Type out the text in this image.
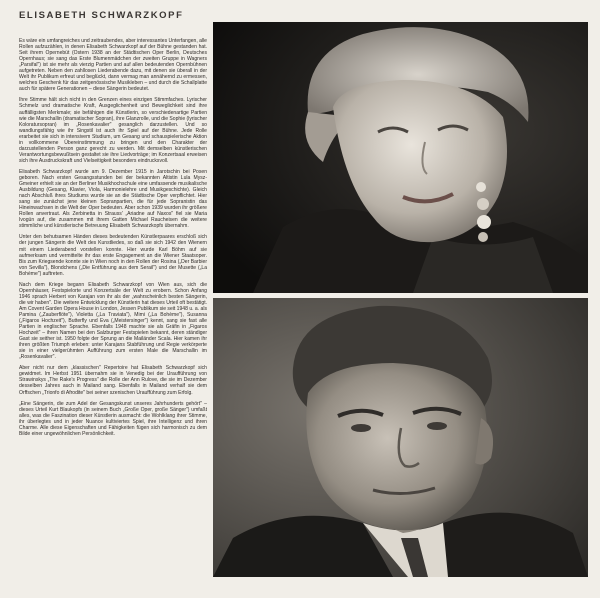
ELISABETH SCHWARZKOPF

Es wäre ein umfangreiches und zeitraubendes, aber interessantes Unterfangen, alle Rollen aufzuzählen, in denen Elisabeth Schwarzkopf auf der Bühne gestanden hat. Seit ihrem Opernebüt (Ostern 1938 an der Städtischen Oper Berlin, Deutsches Opernhaus; sie sang das Erste Blumenmädchen der zweiten Gruppe in Wagners „Parsifal") ist sie mehr als vierzig Partien und auf allen bedeutenden Opernbühnen aufgetreten. Neben den zahllosen Liederabende dazu, mit denen sie überall in der Welt ihr Publikum erfreut und beglückt, dann vermag man annähernd zu ermessen, welches Geschenk für das zeitgenössische Musikleben – und durch die Schallplatte auch für spätere Generationen – diese Sängerin bedeutet.

Ihre Stimme hält sich nicht in den Grenzen eines einzigen Stimmfaches. Lyrischer Schmelz und dramatische Kraft, Ausgeglichenheit und Beweglichkeit sind ihre auffälligsten Merkmale; sie befähigen die Künstlerin, so verschiedenartige Partien wie die Marschallin (dramatischer Sopran), ihre Glanzrolle, und die Sophie (lyrischer Koloratursopran) im „Rosenkavalier" gesanglich darzustellen. Und so wandlungsfähig wie ihr Singstil ist auch ihr Spiel auf der Bühne. Jede Rolle erarbeitet sie sich in intensivem Studium, um Gesang und schauspielerische Aktion in vollkommene Übereinstimmung zu bringen und den Charakter der darzustellenden Person ganz gerecht zu werden. Mit demselben künstlerischen Verantwortungsbewußtsein gestaltet sie ihre Liedvorträge; im Konzertsaal erweisen sich ihre Ausdruckskraft und Vielseitigkeit besonders eindrucksvoll.

Elisabeth Schwarzkopf wurde am 9. Dezember 1915 in Jarotschin bei Posen geboren. Nach ersten Gesangsstunden bei der bekannten Altistin Lula Mysz-Gmeiner erhielt sie an der Berliner Musikhochschule eine umfassende musikalische Ausbildung (Gesang, Klavier, Viola, Harmonielehre und Musikgeschichte). Gleich nach Abschluß ihres Studiums wurde sie an die Städtische Oper verpflichtet. Hier sang sie zunächst jene kleinen Sopranpartien, die für jede Sopranistin das Hineinwachsen in die Welt der Oper bedeuten. Aber schon 1939 wurden ihr größere Rollen anvertraut. Als Zerbinetta in Strauss' „Ariadne auf Naxos" fiel sie Maria Ivogün auf, die zusammen mit ihrem Gatten Michael Raucheisen die weitere stimmliche und künstlerische Betreuung Elisabeth Schwarzkopfs übernahm.

Unter den behutsamen Händen dieses bedeutenden Künstlerpaares erschloß sich der jungen Sängerin die Welt des Kunstliedes, so daß sie sich 1942 den Wienern mit einem Liederabend vorstellen konnte. Hier wurde Karl Böhm auf sie aufmerksam und vermittelte ihr das erste Engagement an die Wiener Staatsoper. Bis zum Kriegsende konnte sie in Wien noch in den Rollen der Rosina („Der Barbier von Sevilla"), Blondchens („Die Entführung aus dem Serail") und der Musette („La Bohème") auftreten.

Nach dem Kriege begann Elisabeth Schwarzkopf von Wien aus, sich die Opernhäuser, Festspielorte und Konzertsäle der Welt zu erobern. Schon Anfang 1946 sprach Herbert von Karajan von ihr als der „wahrscheinlich besten Sängerin, die wir haben". Die weitere Entwicklung der Künstlerin hat dieses Urteil oft bestätigt. Am Covent Garden Opera House in London, Jessen Publikum sie seit 1948 u. a. als Pamina („Zauberflöte"), Violetta („La Traviata"), Mimi („La Bohème"), Susanna („Figaros Hochzeit"), Butterfly und Eva („Meistersinger") kennt, sang sie fast alle Partien in englischer Sprache. Ebenfalls 1948 machte sie als Gräfin in „Figaros Hochzeit" – ihren Namen bei den Salzburger Festspielen bekannt, deren ständiger Gast sie seither ist. 1950 folgte der Sprung an die Mailänder Scala. Hier kamen ihr ihren größten Triumph erleben: unter Karajans Stabführung und Regie verkörperte sie in einer vielgerühmten Aufführung zum ersten Male die Marschallin im „Rosenkavalier".

Aber nicht nur dem „klassischen" Repertoire hat Elisabeth Schwarzkopf sich gewidmet. Im Herbst 1951 übernahm sie in Venedig bei der Uraufführung von Strawinskys „The Rake's Progress" die Rolle der Ann Rulove, die sie im Dezember desselben Jahres auch in Mailand sang. Ebenfalls in Mailand verhalf sie dem Orffschen „Trionfo di Afrodite" bei seiner szenischen Uraufführung zum Erfolg.

„Eine Sängerin, die zum Adel der Gesangskunst unseres Jahrhunderts gehört" – dieses Urteil Kurt Blaukopfs (in seinem Buch „Große Oper, große Sänger") umfaßt alles, was die Faszination dieser Künstlerin ausmacht: die Wohlklang ihrer Stimme, ihr überlegtes und in jeder Nuance kultiviertes Spiel, ihre Intelligenz und ihren Charme. Alle diese Eigenschaften und Fähigkeiten fügen sich harmonisch zu dem Bilde einer ungewöhnlichen Persönlichkeit.
